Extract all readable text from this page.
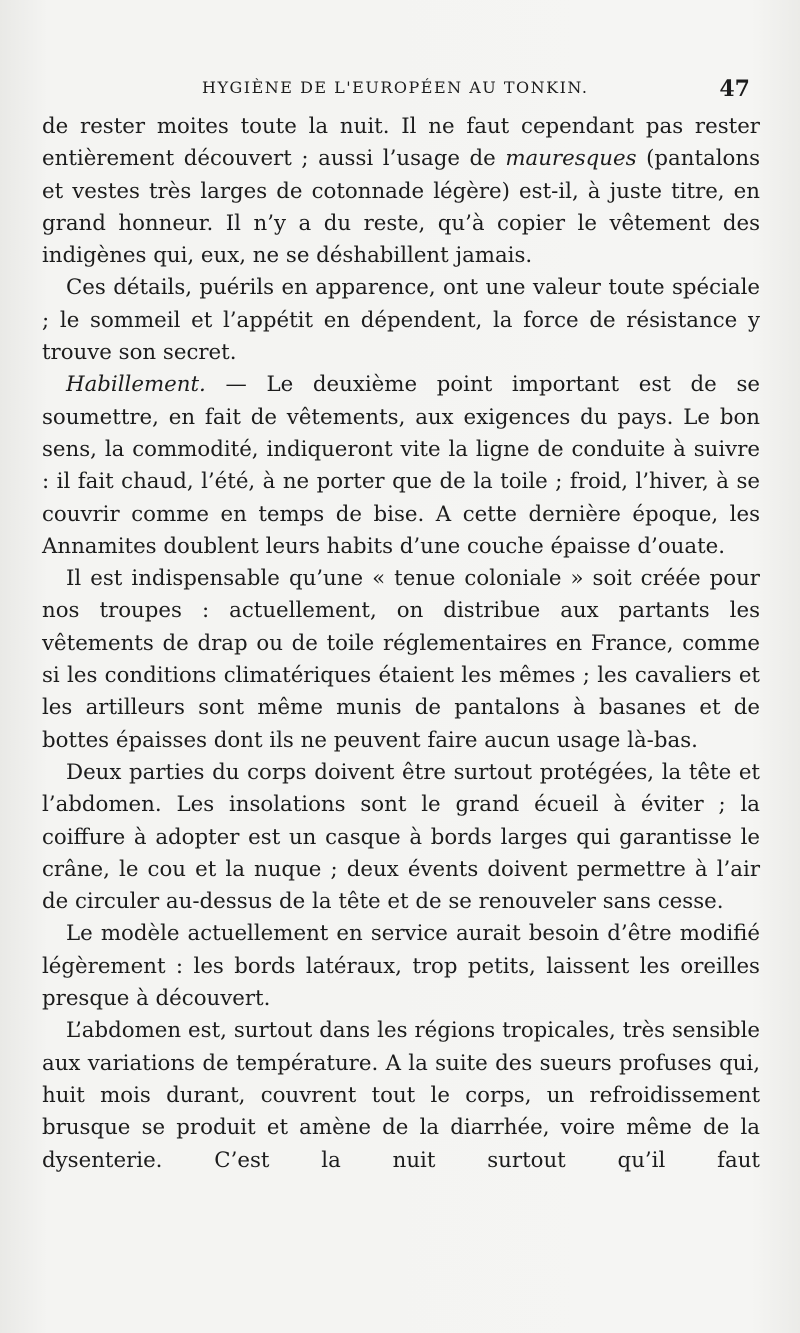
HYGIÈNE DE L'EUROPÉEN AU TONKIN.	47

de rester moites toute la nuit. Il ne faut cependant pas rester entièrement découvert ; aussi l’usage de mauresques (pantalons et vestes très larges de cotonnade légère) est-il, à juste titre, en grand honneur. Il n’y a du reste, qu’à copier le vêtement des indigènes qui, eux, ne se déshabillent jamais.

Ces détails, puérils en apparence, ont une valeur toute spéciale ; le sommeil et l’appétit en dépendent, la force de résistance y trouve son secret.

Habillement. — Le deuxième point important est de se soumettre, en fait de vêtements, aux exigences du pays. Le bon sens, la commodité, indiqueront vite la ligne de conduite à suivre : il fait chaud, l’été, à ne porter que de la toile ; froid, l’hiver, à se couvrir comme en temps de bise. A cette dernière époque, les Annamites doublent leurs habits d’une couche épaisse d’ouate.

Il est indispensable qu’une « tenue coloniale » soit créée pour nos troupes : actuellement, on distribue aux partants les vêtements de drap ou de toile réglementaires en France, comme si les conditions climatériques étaient les mêmes ; les cavaliers et les artilleurs sont même munis de pantalons à basanes et de bottes épaisses dont ils ne peuvent faire aucun usage là-bas.

Deux parties du corps doivent être surtout protégées, la tête et l’abdomen. Les insolations sont le grand écueil à éviter ; la coiffure à adopter est un casque à bords larges qui garantisse le crâne, le cou et la nuque ; deux évents doivent permettre à l’air de circuler au-dessus de la tête et de se renouveler sans cesse.

Le modèle actuellement en service aurait besoin d’être modifié légèrement : les bords latéraux, trop petits, laissent les oreilles presque à découvert.

L’abdomen est, surtout dans les régions tropicales, très sensible aux variations de température. A la suite des sueurs profuses qui, huit mois durant, couvrent tout le corps, un refroidissement brusque se produit et amène de la diarrhée, voire même de la dysenterie. C’est la nuit surtout qu’il faut
